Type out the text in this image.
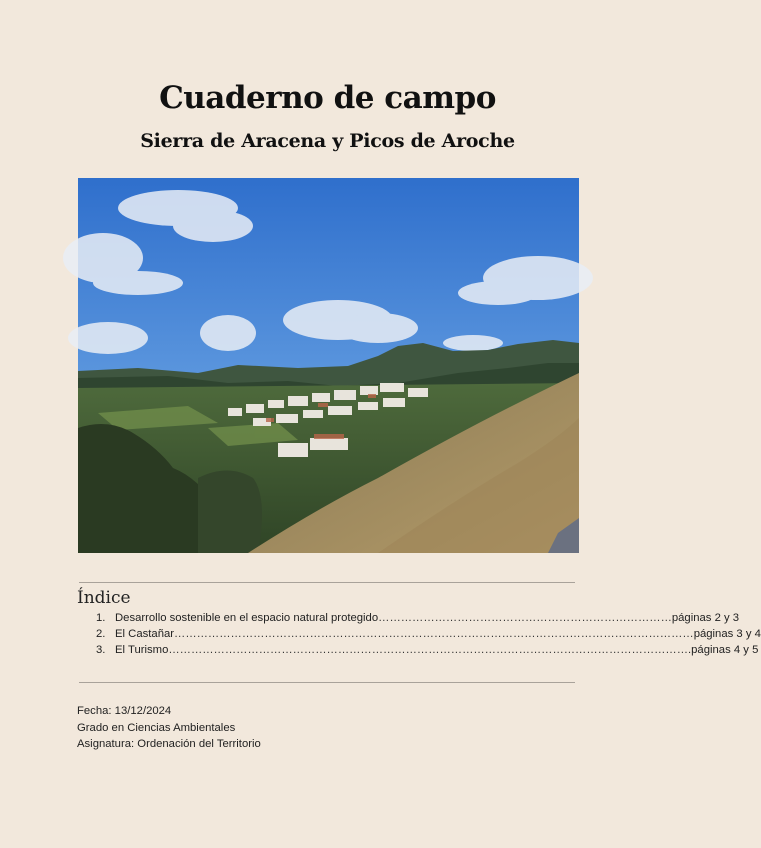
Cuaderno de campo
Sierra de Aracena y Picos de Aroche
Índice
1. Desarrollo sostenible en el espacio natural protegido …………………………………………………………………… páginas 2 y 3
2. El Castañar ………………………………………………………………………………………………………………………… páginas 3 y 4
3. El Turismo ………………………………………………………………………………………………………………………… .páginas 4 y 5
Fecha: 13/12/2024
Grado en Ciencias Ambientales
Asignatura: Ordenación del Territorio
